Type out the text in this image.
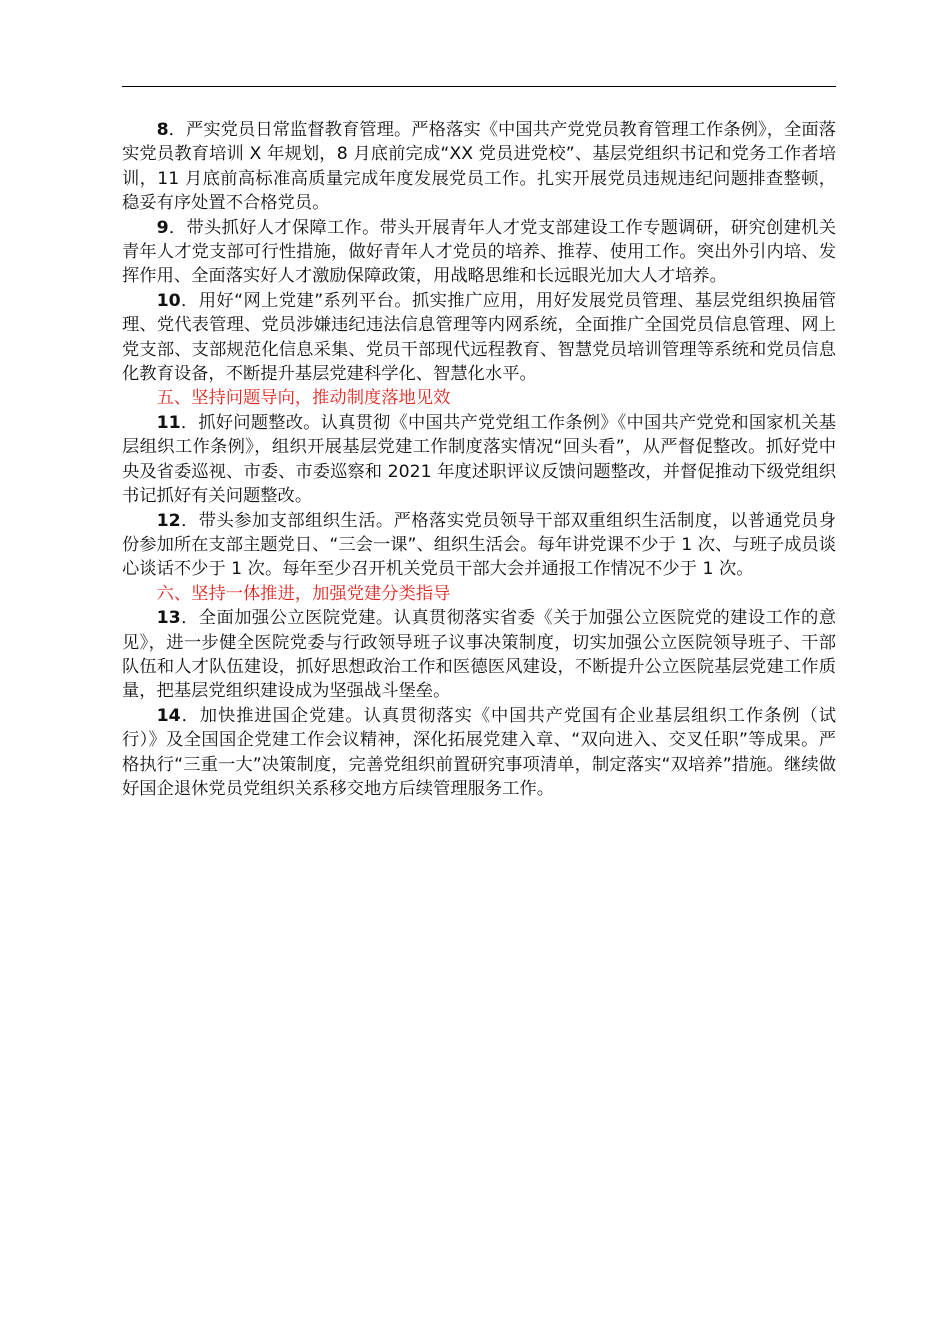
8．严实党员日常监督教育管理。严格落实《中国共产党党员教育管理工作条例》，全面落实党员教育培训 X 年规划，8 月底前完成“XX 党员进党校”、基层党组织书记和党务工作者培训，11 月底前高标准高质量完成年度发展党员工作。扎实开展党员违规违纪问题排查整顿，稳妥有序处置不合格党员。

9．带头抓好人才保障工作。带头开展青年人才党支部建设工作专题调研，研究创建机关青年人才党支部可行性措施，做好青年人才党员的培养、推荐、使用工作。突出外引内培、发挥作用、全面落实好人才激励保障政策，用战略思维和长远眼光加大人才培养。

10．用好“网上党建”系列平台。抓实推广应用，用好发展党员管理、基层党组织换届管理、党代表管理、党员涉嫌违纪违法信息管理等内网系统，全面推广全国党员信息管理、网上党支部、支部规范化信息采集、党员干部现代远程教育、智慧党员培训管理等系统和党员信息化教育设备，不断提升基层党建科学化、智慧化水平。

五、坚持问题导向，推动制度落地见效

11．抓好问题整改。认真贯彻《中国共产党党组工作条例》《中国共产党党和国家机关基层组织工作条例》，组织开展基层党建工作制度落实情况“回头看”，从严督促整改。抓好党中央及省委巡视、市委、市委巡察和 2021 年度述职评议反馈问题整改，并督促推动下级党组织书记抓好有关问题整改。

12．带头参加支部组织生活。严格落实党员领导干部双重组织生活制度，以普通党员身份参加所在支部主题党日、“三会一课”、组织生活会。每年讲党课不少于 1 次、与班子成员谈心谈话不少于 1 次。每年至少召开机关党员干部大会并通报工作情况不少于 1 次。

六、坚持一体推进，加强党建分类指导

13．全面加强公立医院党建。认真贯彻落实省委《关于加强公立医院党的建设工作的意见》，进一步健全医院党委与行政领导班子议事决策制度，切实加强公立医院领导班子、干部队伍和人才队伍建设，抓好思想政治工作和医德医风建设，不断提升公立医院基层党建工作质量，把基层党组织建设成为坚强战斗堡垒。

14．加快推进国企党建。认真贯彻落实《中国共产党国有企业基层组织工作条例（试行）》及全国国企党建工作会议精神，深化拓展党建入章、“双向进入、交叉任职”等成果。严格执行“三重一大”决策制度，完善党组织前置研究事项清单，制定落实“双培养”措施。继续做好国企退休党员党组织关系移交地方后续管理服务工作。
